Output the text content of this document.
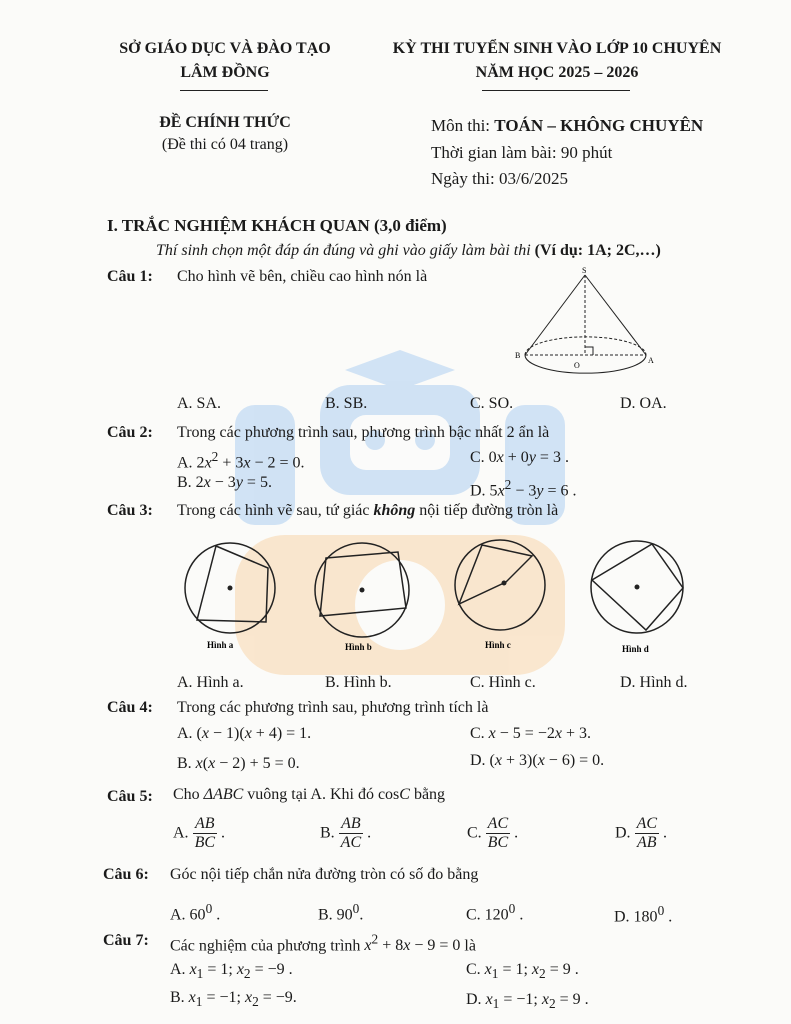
SỞ GIÁO DỤC VÀ ĐÀO TẠO
LÂM ĐỒNG
KỲ THI TUYỂN SINH VÀO LỚP 10 CHUYÊN
NĂM HỌC 2025 – 2026
ĐỀ CHÍNH THỨC
(Đề thi có 04 trang)
Môn thi: TOÁN – KHÔNG CHUYÊN
Thời gian làm bài: 90 phút
Ngày thi: 03/6/2025
I. TRẮC NGHIỆM KHÁCH QUAN (3,0 điểm)
Thí sinh chọn một đáp án đúng và ghi vào giấy làm bài thi (Ví dụ: 1A; 2C,…)
Câu 1: Cho hình vẽ bên, chiều cao hình nón là	S
B
O
A
A. SA.	B. SB.	C. SO.	D. OA.
Câu 2: Trong các phương trình sau, phương trình bậc nhất 2 ẩn là
A. $2x^2 + 3x - 2 = 0$.	C. 0x + 0y = 3 .
B. 2x − 3y = 5.	D. $5x^2 - 3y = 6$ .
Câu 3: Trong các hình vẽ sau, tứ giác không nội tiếp đường tròn là
Hình a	Hình b	Hình c	Hình d
A. Hình a.	B. Hình b.	C. Hình c.	D. Hình d.
Câu 4: Trong các phương trình sau, phương trình tích là
A. (x − 1)(x + 4) = 1.	C. x − 5 = −2x + 3.
B. x(x − 2) + 5 = 0.	D. (x + 3)(x − 6) = 0.
Câu 5: Cho ΔABC vuông tại A. Khi đó cosC bằng
A. $\frac{AB}{BC}$ .	B. $\frac{AB}{AC}$ .	C. $\frac{AC}{BC}$ .	D. $\frac{AC}{AB}$ .
Câu 6: Góc nội tiếp chắn nửa đường tròn có số đo bằng
A. $60^0$ .	B. $90^0$.	C. $120^0$ .	D. $180^0$ .
Câu 7: Các nghiệm của phương trình $x^2 + 8x - 9 = 0$ là
A. $x_1 = 1$; $x_2 = -9$ .	C. $x_1 = 1$; $x_2 = 9$ .
B. $x_1 = -1$; $x_2 = -9$.	D. $x_1 = -1$; $x_2 = 9$ .
